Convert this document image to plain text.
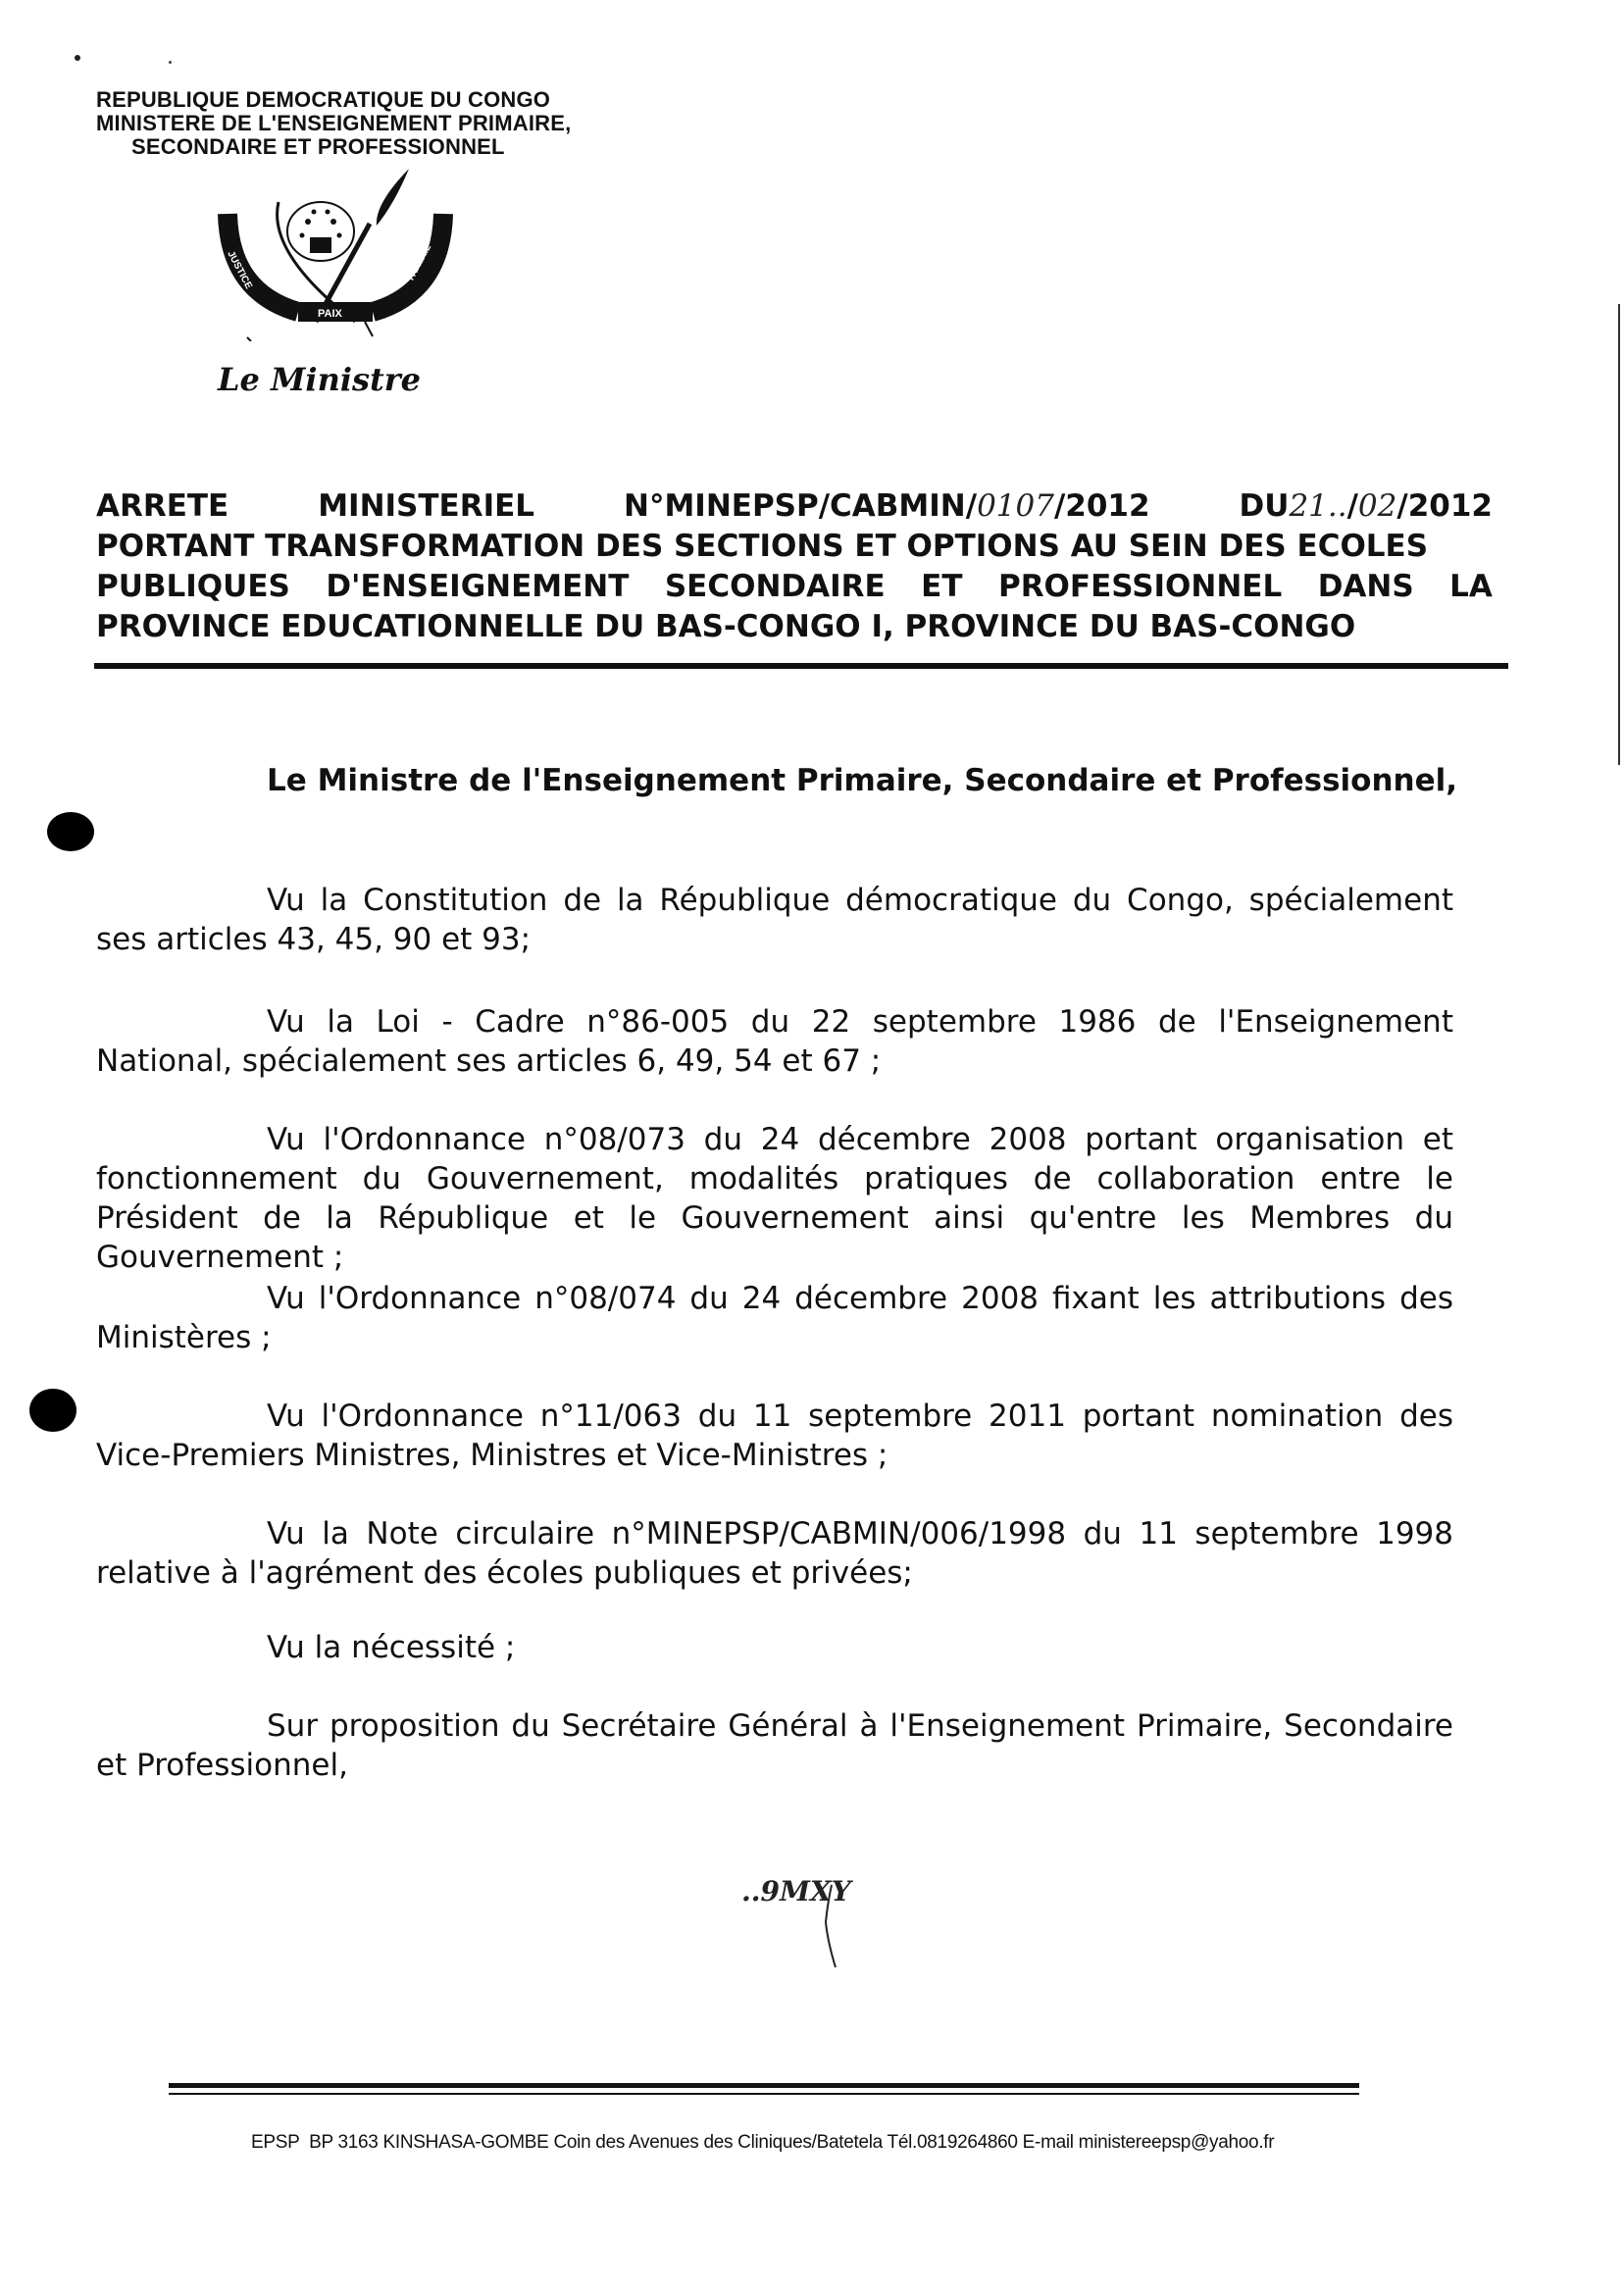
REPUBLIQUE DEMOCRATIQUE DU CONGO
MINISTERE DE L'ENSEIGNEMENT PRIMAIRE,
SECONDAIRE ET PROFESSIONNEL
JUSTICE
PAIX
TRAVAIL
Le Ministre
ARRETE	MINISTERIEL	N°MINEPSP/CABMIN/0107/2012	DU21../02/2012
PORTANT TRANSFORMATION DES SECTIONS ET OPTIONS AU SEIN DES ECOLES
PUBLIQUES D'ENSEIGNEMENT SECONDAIRE ET PROFESSIONNEL DANS LA
PROVINCE EDUCATIONNELLE DU BAS-CONGO I, PROVINCE DU BAS-CONGO
Le Ministre de l'Enseignement Primaire, Secondaire et Professionnel,
Vu la Constitution de la République démocratique du Congo, spécialement ses articles 43, 45, 90 et 93;
Vu la Loi - Cadre n°86-005 du 22 septembre 1986 de l'Enseignement National, spécialement ses articles 6, 49, 54 et 67 ;
Vu l'Ordonnance n°08/073 du 24 décembre 2008 portant organisation et fonctionnement du Gouvernement, modalités pratiques de collaboration entre le Président de la République et le Gouvernement ainsi qu'entre les Membres du Gouvernement ;
Vu l'Ordonnance n°08/074 du 24 décembre 2008 fixant les attributions des Ministères ;
Vu l'Ordonnance n°11/063 du 11 septembre 2011 portant nomination des Vice-Premiers Ministres, Ministres et Vice-Ministres ;
Vu la Note circulaire n°MINEPSP/CABMIN/006/1998 du 11 septembre 1998 relative à l'agrément des écoles publiques et privées;
Vu la nécessité ;
Sur proposition du Secrétaire Général à l'Enseignement Primaire, Secondaire et Professionnel,
..9MXY
EPSP  BP 3163 KINSHASA-GOMBE Coin des Avenues des Cliniques/Batetela Tél.0819264860 E-mail ministereepsp@yahoo.fr
